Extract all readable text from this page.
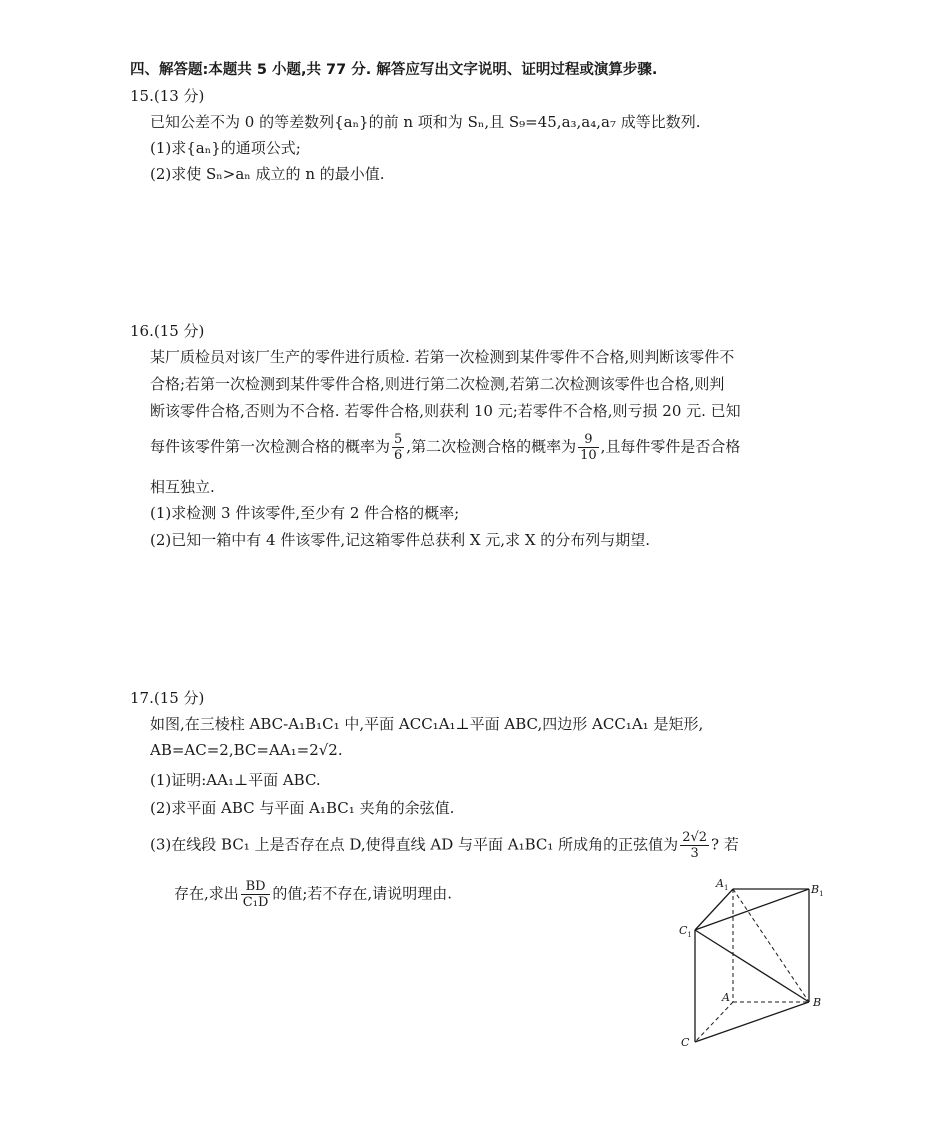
四、解答题:本题共 5 小题,共 77 分. 解答应写出文字说明、证明过程或演算步骤.
15.(13 分)
已知公差不为 0 的等差数列{aₙ}的前 n 项和为 Sₙ,且 S₉=45,a₃,a₄,a₇ 成等比数列.
(1)求{aₙ}的通项公式;
(2)求使 Sₙ>aₙ 成立的 n 的最小值.
16.(15 分)
某厂质检员对该厂生产的零件进行质检. 若第一次检测到某件零件不合格,则判断该零件不
合格;若第一次检测到某件零件合格,则进行第二次检测,若第二次检测该零件也合格,则判
断该零件合格,否则为不合格. 若零件合格,则获利 10 元;若零件不合格,则亏损 20 元. 已知
每件该零件第一次检测合格的概率为 $\frac{5}{6}$ ,第二次检测合格的概率为 $\frac{9}{10}$ ,且每件零件是否合格
相互独立.
(1)求检测 3 件该零件,至少有 2 件合格的概率;
(2)已知一箱中有 4 件该零件,记这箱零件总获利 X 元,求 X 的分布列与期望.
17.(15 分)
如图,在三棱柱 ABC-A₁B₁C₁ 中,平面 ACC₁A₁⊥平面 ABC,四边形 ACC₁A₁ 是矩形,
AB=AC=2,BC=AA₁=2√2.
(1)证明:AA₁⊥平面 ABC.
(2)求平面 ABC 与平面 A₁BC₁ 夹角的余弦值.
(3)在线段 BC₁ 上是否存在点 D,使得直线 AD 与平面 A₁BC₁ 所成角的正弦值为 $\frac{2√2}{3}$ ? 若
存在,求出 $\frac{BD}{\text{C₁D}}$ 的值;若不存在,请说明理由.
$A_1$	$B_1$
$C_1$
A	B
C
